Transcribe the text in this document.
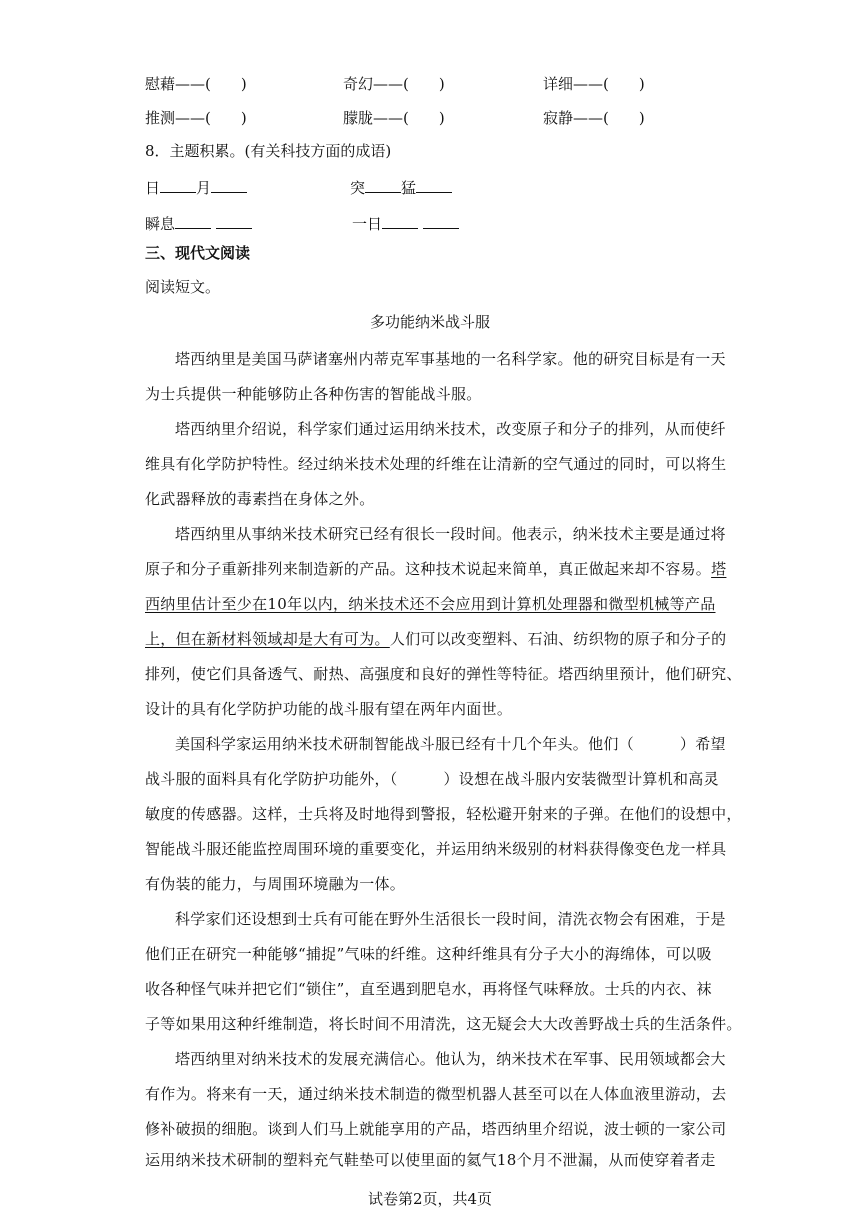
慰藉——(　　)	奇幻——(　　)	详细——(　　)
推测——(　　)	朦胧——(　　)	寂静——(　　)
8．主题积累。(有关科技方面的成语)
日 月	突 猛
瞬息	一日
三、现代文阅读
阅读短文。
多功能纳米战斗服
塔西纳里是美国马萨诸塞州内蒂克军事基地的一名科学家。他的研究目标是有一天
为士兵提供一种能够防止各种伤害的智能战斗服。
塔西纳里介绍说，科学家们通过运用纳米技术，改变原子和分子的排列，从而使纤
维具有化学防护特性。经过纳米技术处理的纤维在让清新的空气通过的同时，可以将生
化武器释放的毒素挡在身体之外。
塔西纳里从事纳米技术研究已经有很长一段时间。他表示，纳米技术主要是通过将
原子和分子重新排列来制造新的产品。这种技术说起来简单，真正做起来却不容易。塔
西纳里估计至少在10年以内，纳米技术还不会应用到计算机处理器和微型机械等产品
上，但在新材料领域却是大有可为。人们可以改变塑料、石油、纺织物的原子和分子的
排列，使它们具备透气、耐热、高强度和良好的弹性等特征。塔西纳里预计，他们研究、
设计的具有化学防护功能的战斗服有望在两年内面世。
美国科学家运用纳米技术研制智能战斗服已经有十几个年头。他们（　　　）希望
战斗服的面料具有化学防护功能外，（　　　）设想在战斗服内安装微型计算机和高灵
敏度的传感器。这样，士兵将及时地得到警报，轻松避开射来的子弹。在他们的设想中，
智能战斗服还能监控周围环境的重要变化，并运用纳米级别的材料获得像变色龙一样具
有伪装的能力，与周围环境融为一体。
科学家们还设想到士兵有可能在野外生活很长一段时间，清洗衣物会有困难，于是
他们正在研究一种能够“捕捉”气味的纤维。这种纤维具有分子大小的海绵体，可以吸
收各种怪气味并把它们“锁住”，直至遇到肥皂水，再将怪气味释放。士兵的内衣、袜
子等如果用这种纤维制造，将长时间不用清洗，这无疑会大大改善野战士兵的生活条件。
塔西纳里对纳米技术的发展充满信心。他认为，纳米技术在军事、民用领域都会大
有作为。将来有一天，通过纳米技术制造的微型机器人甚至可以在人体血液里游动，去
修补破损的细胞。谈到人们马上就能享用的产品，塔西纳里介绍说，波士顿的一家公司
运用纳米技术研制的塑料充气鞋垫可以使里面的氦气18个月不泄漏，从而使穿着者走
试卷第2页，共4页
